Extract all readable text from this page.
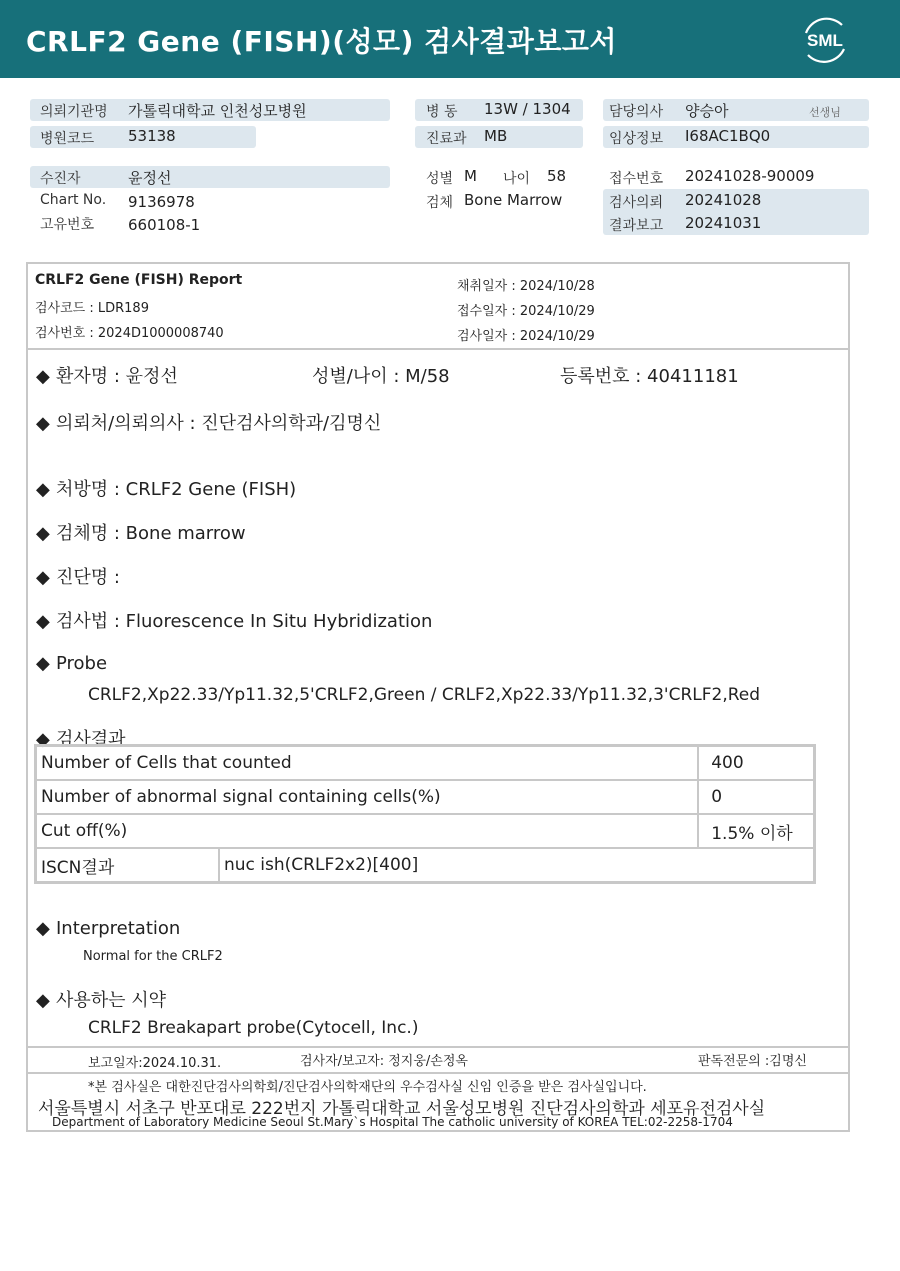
CRLF2 Gene (FISH)(성모) 검사결과보고서	SML
의뢰기관명 가톨릭대학교 인천성모병원
병원코드 53138
병 동 13W / 1304
진료과 MB
담당의사 양승아	선생님
임상정보 I68AC1BQ0
수진자	윤정선
Chart No. 9136978
고유번호 660108-1
성별 M 나이 58
검체 Bone Marrow
접수번호 20241028-90009
검사의뢰 20241028
결과보고 20241031
CRLF2 Gene (FISH) Report
검사코드 : LDR189
검사번호 : 2024D1000008740
채취일자 : 2024/10/28
접수일자 : 2024/10/29
검사일자 : 2024/10/29
◆ 환자명 : 윤정선	성별/나이 : M/58	등록번호 : 40411181
◆ 의뢰처/의뢰의사 : 진단검사의학과/김명신
◆ 처방명 : CRLF2 Gene (FISH)
◆ 검체명 : Bone marrow
◆ 진단명 :
◆ 검사법 : Fluorescence In Situ Hybridization
◆ Probe
CRLF2,Xp22.33/Yp11.32,5'CRLF2,Green / CRLF2,Xp22.33/Yp11.32,3'CRLF2,Red
◆ 검사결과
Number of Cells that counted		400
Number of abnormal signal containing cells(%)		0
Cut off(%)		1.5% 이하
ISCN결과	nuc ish(CRLF2x2)[400]	
◆ Interpretation
Normal for the CRLF2
◆ 사용하는 시약
CRLF2 Breakapart probe(Cytocell, Inc.)
보고일자:2024.10.31.	검사자/보고자: 정지웅/손정옥	판독전문의 :김명신
*본 검사실은 대한진단검사의학회/진단검사의학재단의 우수검사실 신임 인증을 받은 검사실입니다.
서울특별시 서초구 반포대로 222번지 가톨릭대학교 서울성모병원 진단검사의학과 세포유전검사실
Department of Laboratory Medicine Seoul St.Mary`s Hospital The catholic university of KOREA TEL:02-2258-1704
